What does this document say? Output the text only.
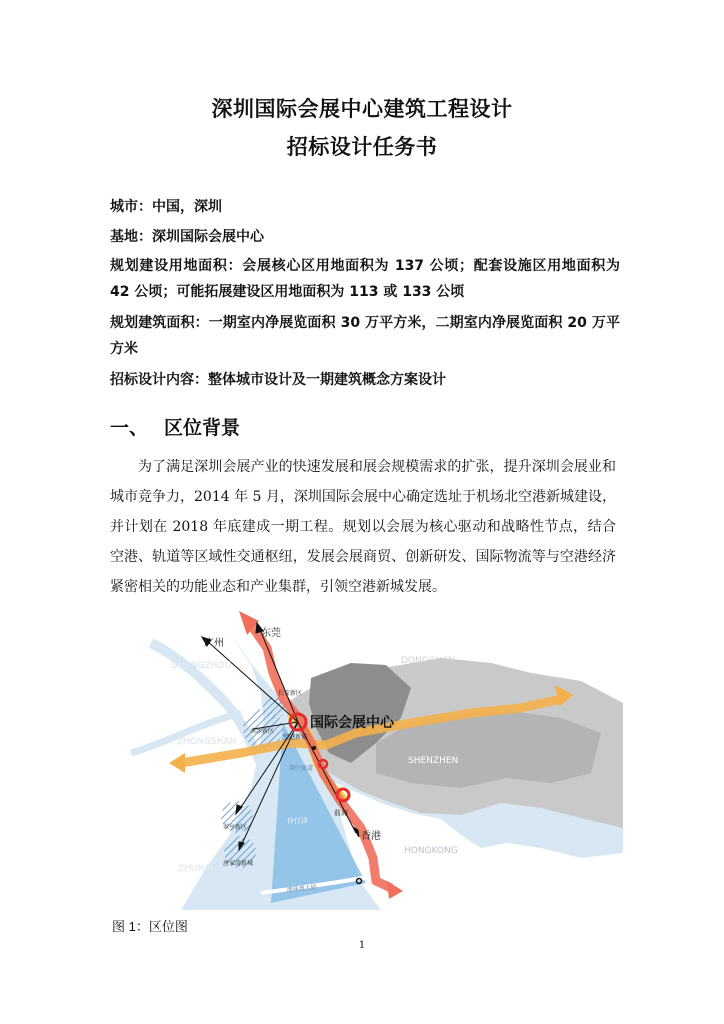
深圳国际会展中心建筑工程设计
招标设计任务书
城市：中国，深圳
基地：深圳国际会展中心
规划建设用地面积：会展核心区用地面积为 137 公顷；配套设施区用地面积为 42 公顷；可能拓展建设区用地面积为 113 或 133 公顷
规划建筑面积：一期室内净展览面积 30 万平方米，二期室内净展览面积 20 万平方米
招标设计内容：整体城市设计及一期建筑概念方案设计
一、 区位背景
为了满足深圳会展产业的快速发展和展会规模需求的扩张，提升深圳会展业和城市竞争力，2014 年 5 月，深圳国际会展中心确定选址于机场北空港新城建设，并计划在 2018 年底建成一期工程。规划以会展为核心驱动和战略性节点，结合空港、轨道等区域性交通枢纽，发展会展商贸、创新研发、国际物流等与空港经济紧密相关的功能业态和产业集群，引领空港新城发展。
广州
东莞
GUANGZHOU	DONGGUAN
ZHONGSHAN
SHENZHEN
HONGKONG
ZHUHAI
国际会展中心
长安新区
南沙新区
空港新城
深中通道
前海
香港
翠亨新区
唐家湾新城
伶仃洋
港珠澳大桥
图 1：区位图
1
